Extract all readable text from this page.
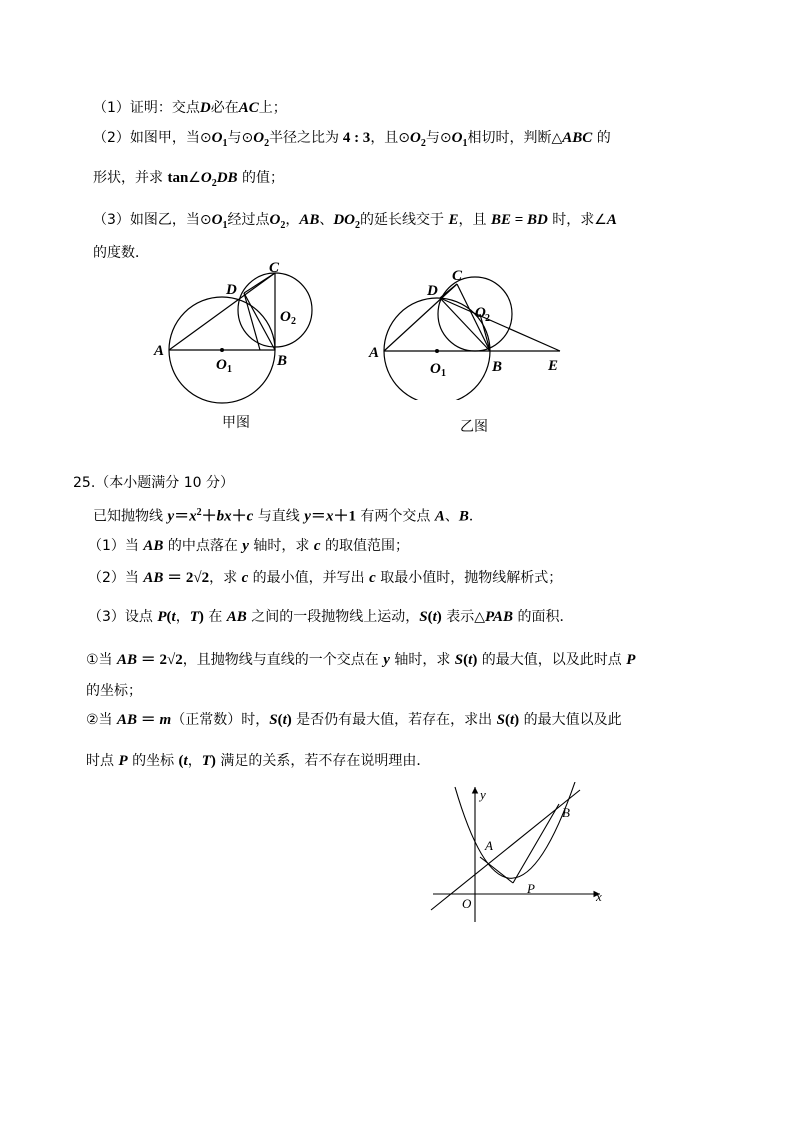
（1）证明：交点D必在AC上；
（2）如图甲，当$⊙O_1$与$⊙O_2$半径之比为 4 : 3，且$⊙O_2$与$⊙O_1$相切时，判断△ABC 的
形状，并求 $\tan\angle O_2DB$ 的值；
（3）如图乙，当$⊙O_1$经过点$O_2$，AB、$DO_2$的延长线交于 E，且 BE = BD 时，求∠A
的度数．
A
B
C
D
O 1
O 2
甲图
A
B
C
D
E
O 1
O 2
乙图
25.（本小题满分 10 分）
已知抛物线 $y=x^2+bx+c$ 与直线 y＝x＋1 有两个交点 A、B．
（1）当 AB 的中点落在 y 轴时，求 c 的取值范围；
（2）当 AB ＝ 2√2，求 c 的最小值，并写出 c 取最小值时，抛物线解析式；
（3）设点 P(t，T) 在 AB 之间的一段抛物线上运动，S(t) 表示△PAB 的面积．
①当 AB ＝ 2√2，且抛物线与直线的一个交点在 y 轴时，求 S(t) 的最大值，以及此时点 P
的坐标；
②当 AB ＝ m（正常数）时，S(t) 是否仍有最大值，若存在，求出 S(t) 的最大值以及此
时点 P 的坐标 (t，T) 满足的关系，若不存在说明理由．
y
x
O
A
B
P
